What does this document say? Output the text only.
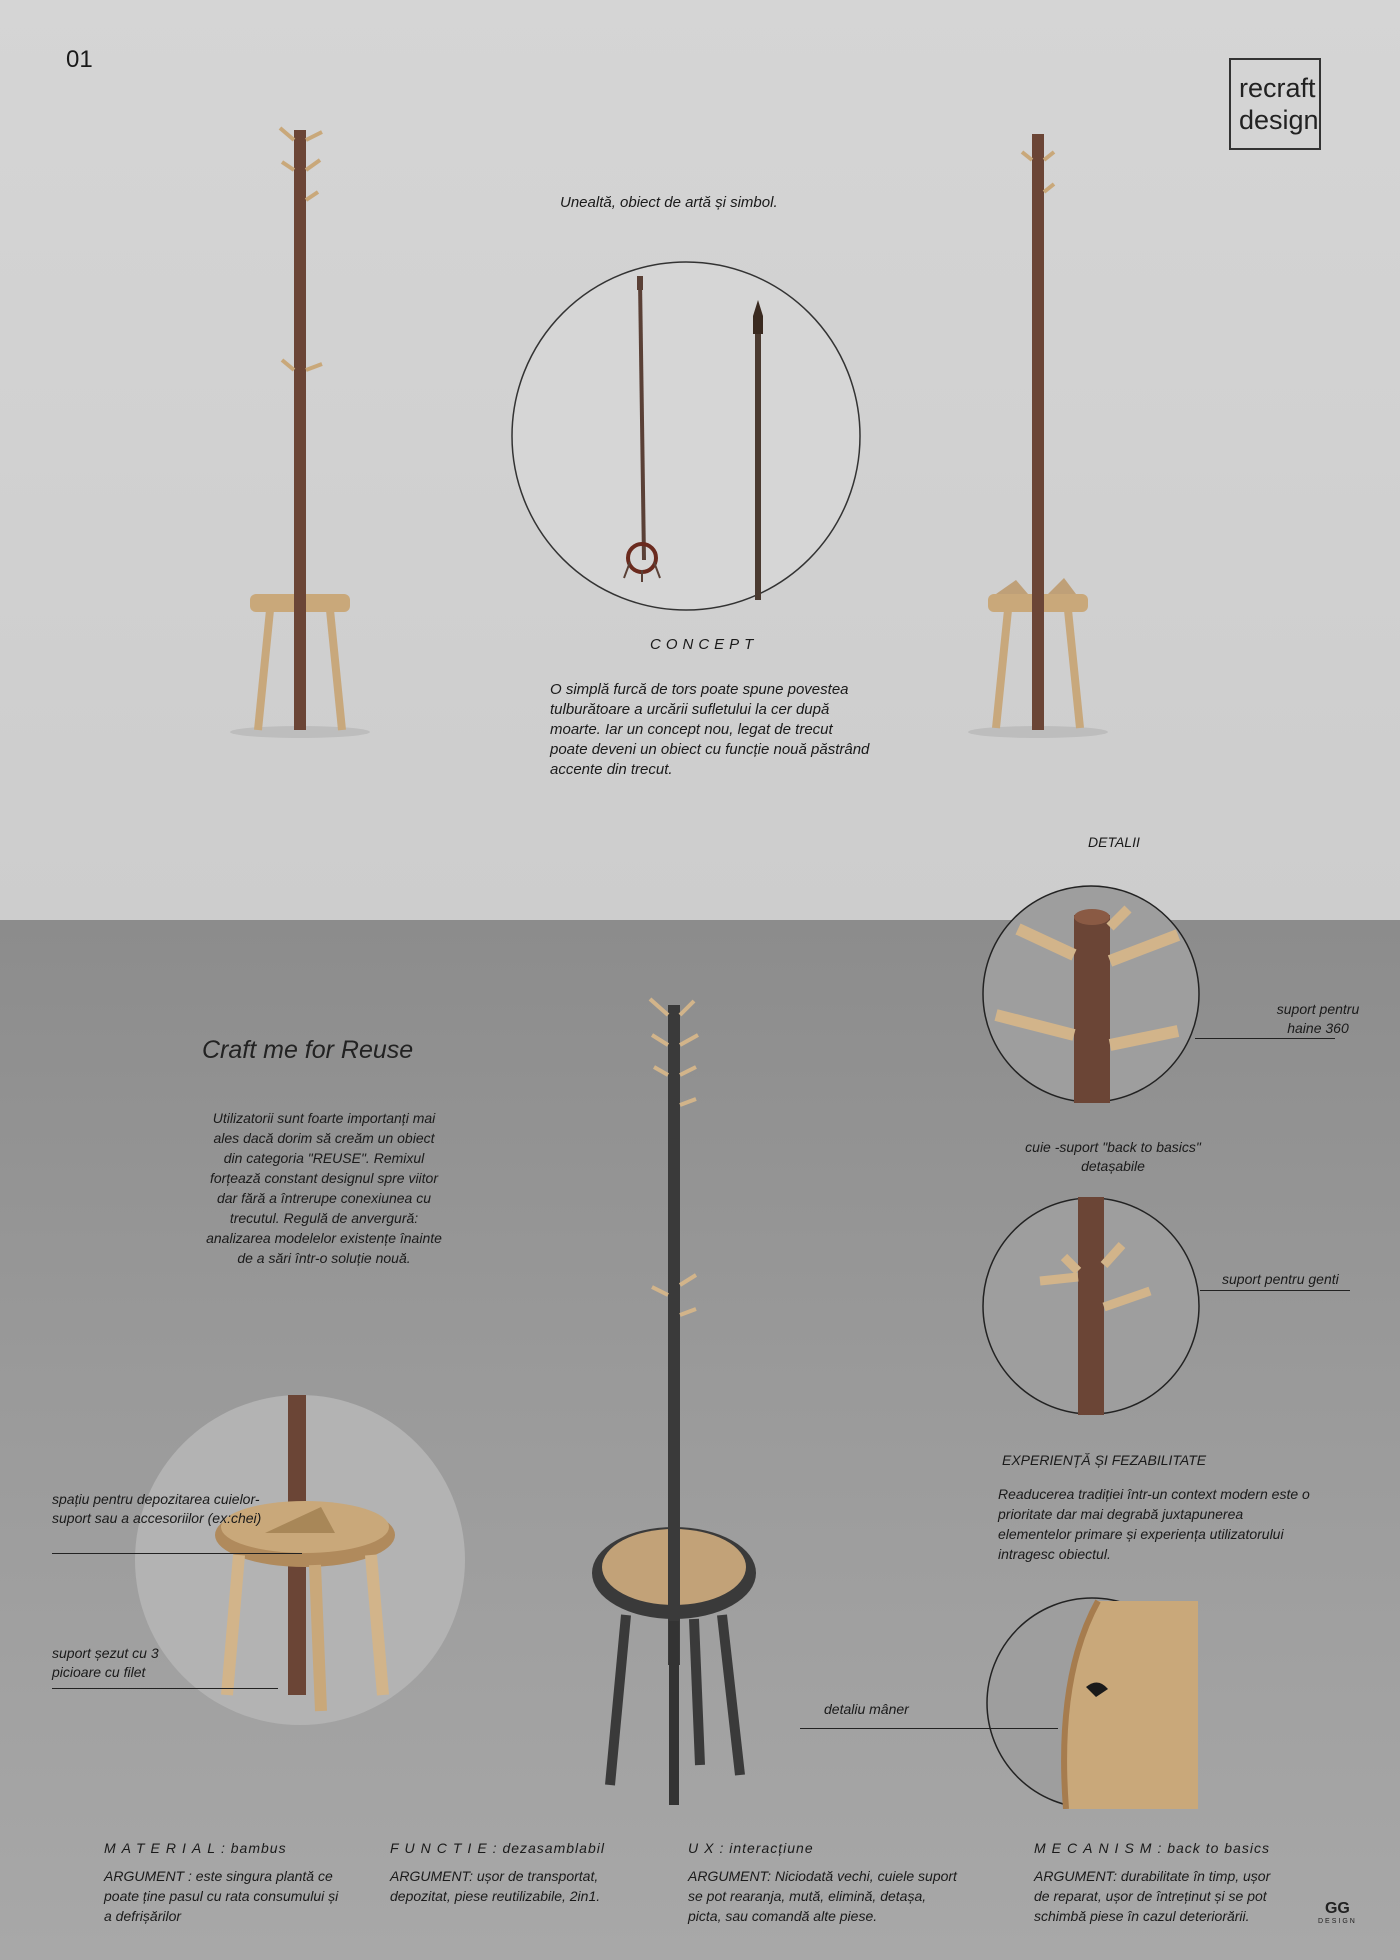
01
recraft
design
Unealtă, obiect de artă și simbol.
CONCEPT
O simplă furcă de tors poate spune povestea tulburătoare a urcării sufletului la cer după moarte. Iar un concept nou, legat de trecut poate deveni un obiect cu funcție nouă păstrând accente din trecut.
DETALII
Craft me for Reuse
Utilizatorii sunt foarte importanți mai ales dacă dorim să creăm un obiect din categoria "REUSE". Remixul forțează constant designul spre viitor dar fără a întrerupe conexiunea cu trecutul. Regulă de anvergură: analizarea modelelor existențe înainte de a sări într-o soluție nouă.
spațiu pentru depozitarea cuielor-suport sau a accesoriilor (ex:chei)
suport șezut cu 3 picioare cu filet
suport pentru haine 360
cuie -suport "back to basics" detașabile
suport pentru genti
EXPERIENȚĂ ȘI FEZABILITATE
Readucerea tradiției într-un context modern este o prioritate dar mai degrabă juxtapunerea elementelor primare și experiența utilizatorului intragesc obiectul.
detaliu mâner
MATERIAL: bambus
ARGUMENT : este singura plantă ce poate ține pasul cu rata consumului și a defrișărilor
FUNCTIE: dezasamblabil
ARGUMENT: ușor de transportat, depozitat, piese reutilizabile, 2in1.
UX: interacțiune
ARGUMENT: Niciodată vechi, cuiele suport se pot rearanja, mută, elimină, detașa, picta, sau comandă alte piese.
MECANISM: back to basics
ARGUMENT: durabilitate în timp, ușor de reparat, ușor de întreținut și se pot schimbă piese în cazul deteriorării.	GG
DESIGN
